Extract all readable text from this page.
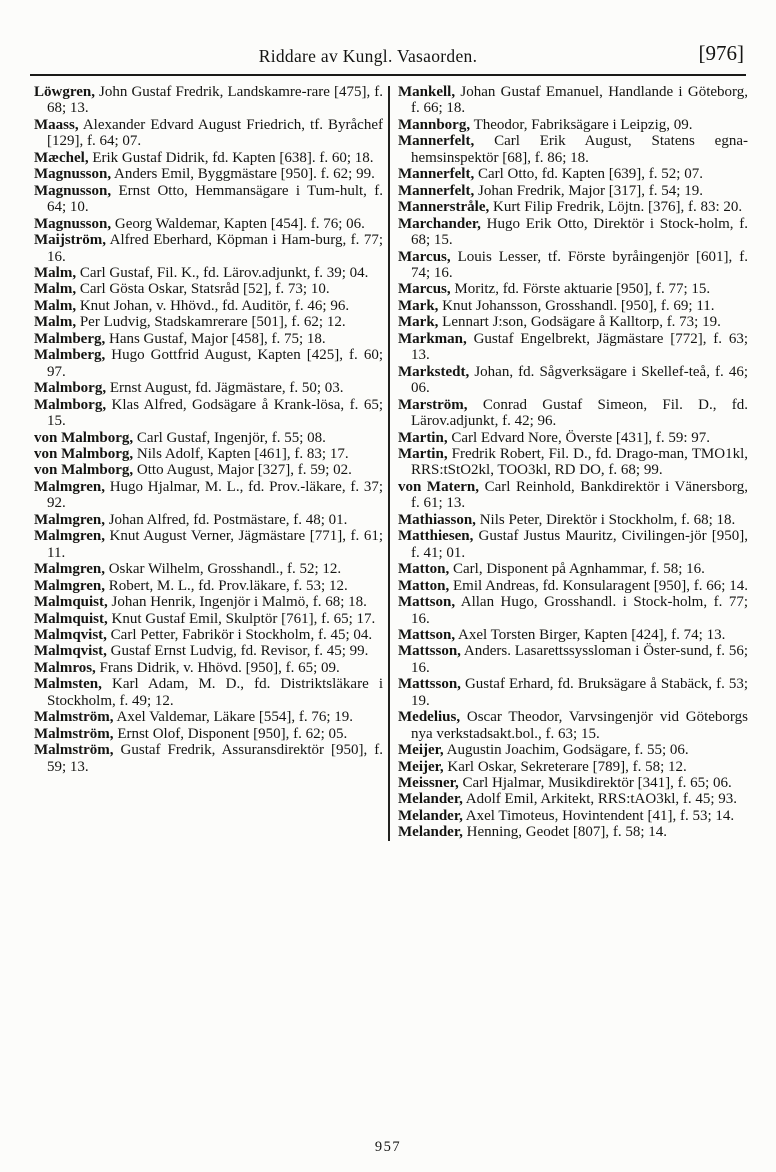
Riddare av Kungl. Vasaorden.	[976]

Löwgren, John Gustaf Fredrik, Landskamre-rare [475], f. 68; 13.

Maass, Alexander Edvard August Friedrich, tf. Byråchef [129], f. 64; 07.

Mæchel, Erik Gustaf Didrik, fd. Kapten [638]. f. 60; 18.

Magnusson, Anders Emil, Byggmästare [950]. f. 62; 99.

Magnusson, Ernst Otto, Hemmansägare i Tum-hult, f. 64; 10.

Magnusson, Georg Waldemar, Kapten [454]. f. 76; 06.

Maijström, Alfred Eberhard, Köpman i Ham-burg, f. 77; 16.

Malm, Carl Gustaf, Fil. K., fd. Lärov.adjunkt, f. 39; 04.

Malm, Carl Gösta Oskar, Statsråd [52], f. 73; 10.

Malm, Knut Johan, v. Hhövd., fd. Auditör, f. 46; 96.

Malm, Per Ludvig, Stadskamrerare [501], f. 62; 12.

Malmberg, Hans Gustaf, Major [458], f. 75; 18.

Malmberg, Hugo Gottfrid August, Kapten [425], f. 60; 97.

Malmborg, Ernst August, fd. Jägmästare, f. 50; 03.

Malmborg, Klas Alfred, Godsägare å Krank-lösa, f. 65; 15.

von Malmborg, Carl Gustaf, Ingenjör, f. 55; 08.

von Malmborg, Nils Adolf, Kapten [461], f. 83; 17.

von Malmborg, Otto August, Major [327], f. 59; 02.

Malmgren, Hugo Hjalmar, M. L., fd. Prov.-läkare, f. 37; 92.

Malmgren, Johan Alfred, fd. Postmästare, f. 48; 01.

Malmgren, Knut August Verner, Jägmästare [771], f. 61; 11.

Malmgren, Oskar Wilhelm, Grosshandl., f. 52; 12.

Malmgren, Robert, M. L., fd. Prov.läkare, f. 53; 12.

Malmquist, Johan Henrik, Ingenjör i Malmö, f. 68; 18.

Malmquist, Knut Gustaf Emil, Skulptör [761], f. 65; 17.

Malmqvist, Carl Petter, Fabrikör i Stockholm, f. 45; 04.

Malmqvist, Gustaf Ernst Ludvig, fd. Revisor, f. 45; 99.

Malmros, Frans Didrik, v. Hhövd. [950], f. 65; 09.

Malmsten, Karl Adam, M. D., fd. Distriktsläkare i Stockholm, f. 49; 12.

Malmström, Axel Valdemar, Läkare [554], f. 76; 19.

Malmström, Ernst Olof, Disponent [950], f. 62; 05.

Malmström, Gustaf Fredrik, Assuransdirektör [950], f. 59; 13.

Mankell, Johan Gustaf Emanuel, Handlande i Göteborg, f. 66; 18.

Mannborg, Theodor, Fabriksägare i Leipzig, 09.

Mannerfelt, Carl Erik August, Statens egna-hemsinspektör [68], f. 86; 18.

Mannerfelt, Carl Otto, fd. Kapten [639], f. 52; 07.

Mannerfelt, Johan Fredrik, Major [317], f. 54; 19.

Mannerstråle, Kurt Filip Fredrik, Löjtn. [376], f. 83: 20.

Marchander, Hugo Erik Otto, Direktör i Stock-holm, f. 68; 15.

Marcus, Louis Lesser, tf. Förste byråingenjör [601], f. 74; 16.

Marcus, Moritz, fd. Förste aktuarie [950], f. 77; 15.

Mark, Knut Johansson, Grosshandl. [950], f. 69; 11.

Mark, Lennart J:son, Godsägare å Kalltorp, f. 73; 19.

Markman, Gustaf Engelbrekt, Jägmästare [772], f. 63; 13.

Markstedt, Johan, fd. Sågverksägare i Skellef-teå, f. 46; 06.

Marström, Conrad Gustaf Simeon, Fil. D., fd. Lärov.adjunkt, f. 42; 96.

Martin, Carl Edvard Nore, Överste [431], f. 59: 97.

Martin, Fredrik Robert, Fil. D., fd. Drago-man, TMO1kl, RRS:tStO2kl, TOO3kl, RD DO, f. 68; 99.

von Matern, Carl Reinhold, Bankdirektör i Vänersborg, f. 61; 13.

Mathiasson, Nils Peter, Direktör i Stockholm, f. 68; 18.

Matthiesen, Gustaf Justus Mauritz, Civilingen-jör [950], f. 41; 01.

Matton, Carl, Disponent på Agnhammar, f. 58; 16.

Matton, Emil Andreas, fd. Konsularagent [950], f. 66; 14.

Mattson, Allan Hugo, Grosshandl. i Stock-holm, f. 77; 16.

Mattson, Axel Torsten Birger, Kapten [424], f. 74; 13.

Mattsson, Anders. Lasarettssyssloman i Öster-sund, f. 56; 16.

Mattsson, Gustaf Erhard, fd. Bruksägare å Stabäck, f. 53; 19.

Medelius, Oscar Theodor, Varvsingenjör vid Göteborgs nya verkstadsakt.bol., f. 63; 15.

Meijer, Augustin Joachim, Godsägare, f. 55; 06.

Meijer, Karl Oskar, Sekreterare [789], f. 58; 12.

Meissner, Carl Hjalmar, Musikdirektör [341], f. 65; 06.

Melander, Adolf Emil, Arkitekt, RRS:tAO3kl, f. 45; 93.

Melander, Axel Timoteus, Hovintendent [41], f. 53; 14.

Melander, Henning, Geodet [807], f. 58; 14.

957
